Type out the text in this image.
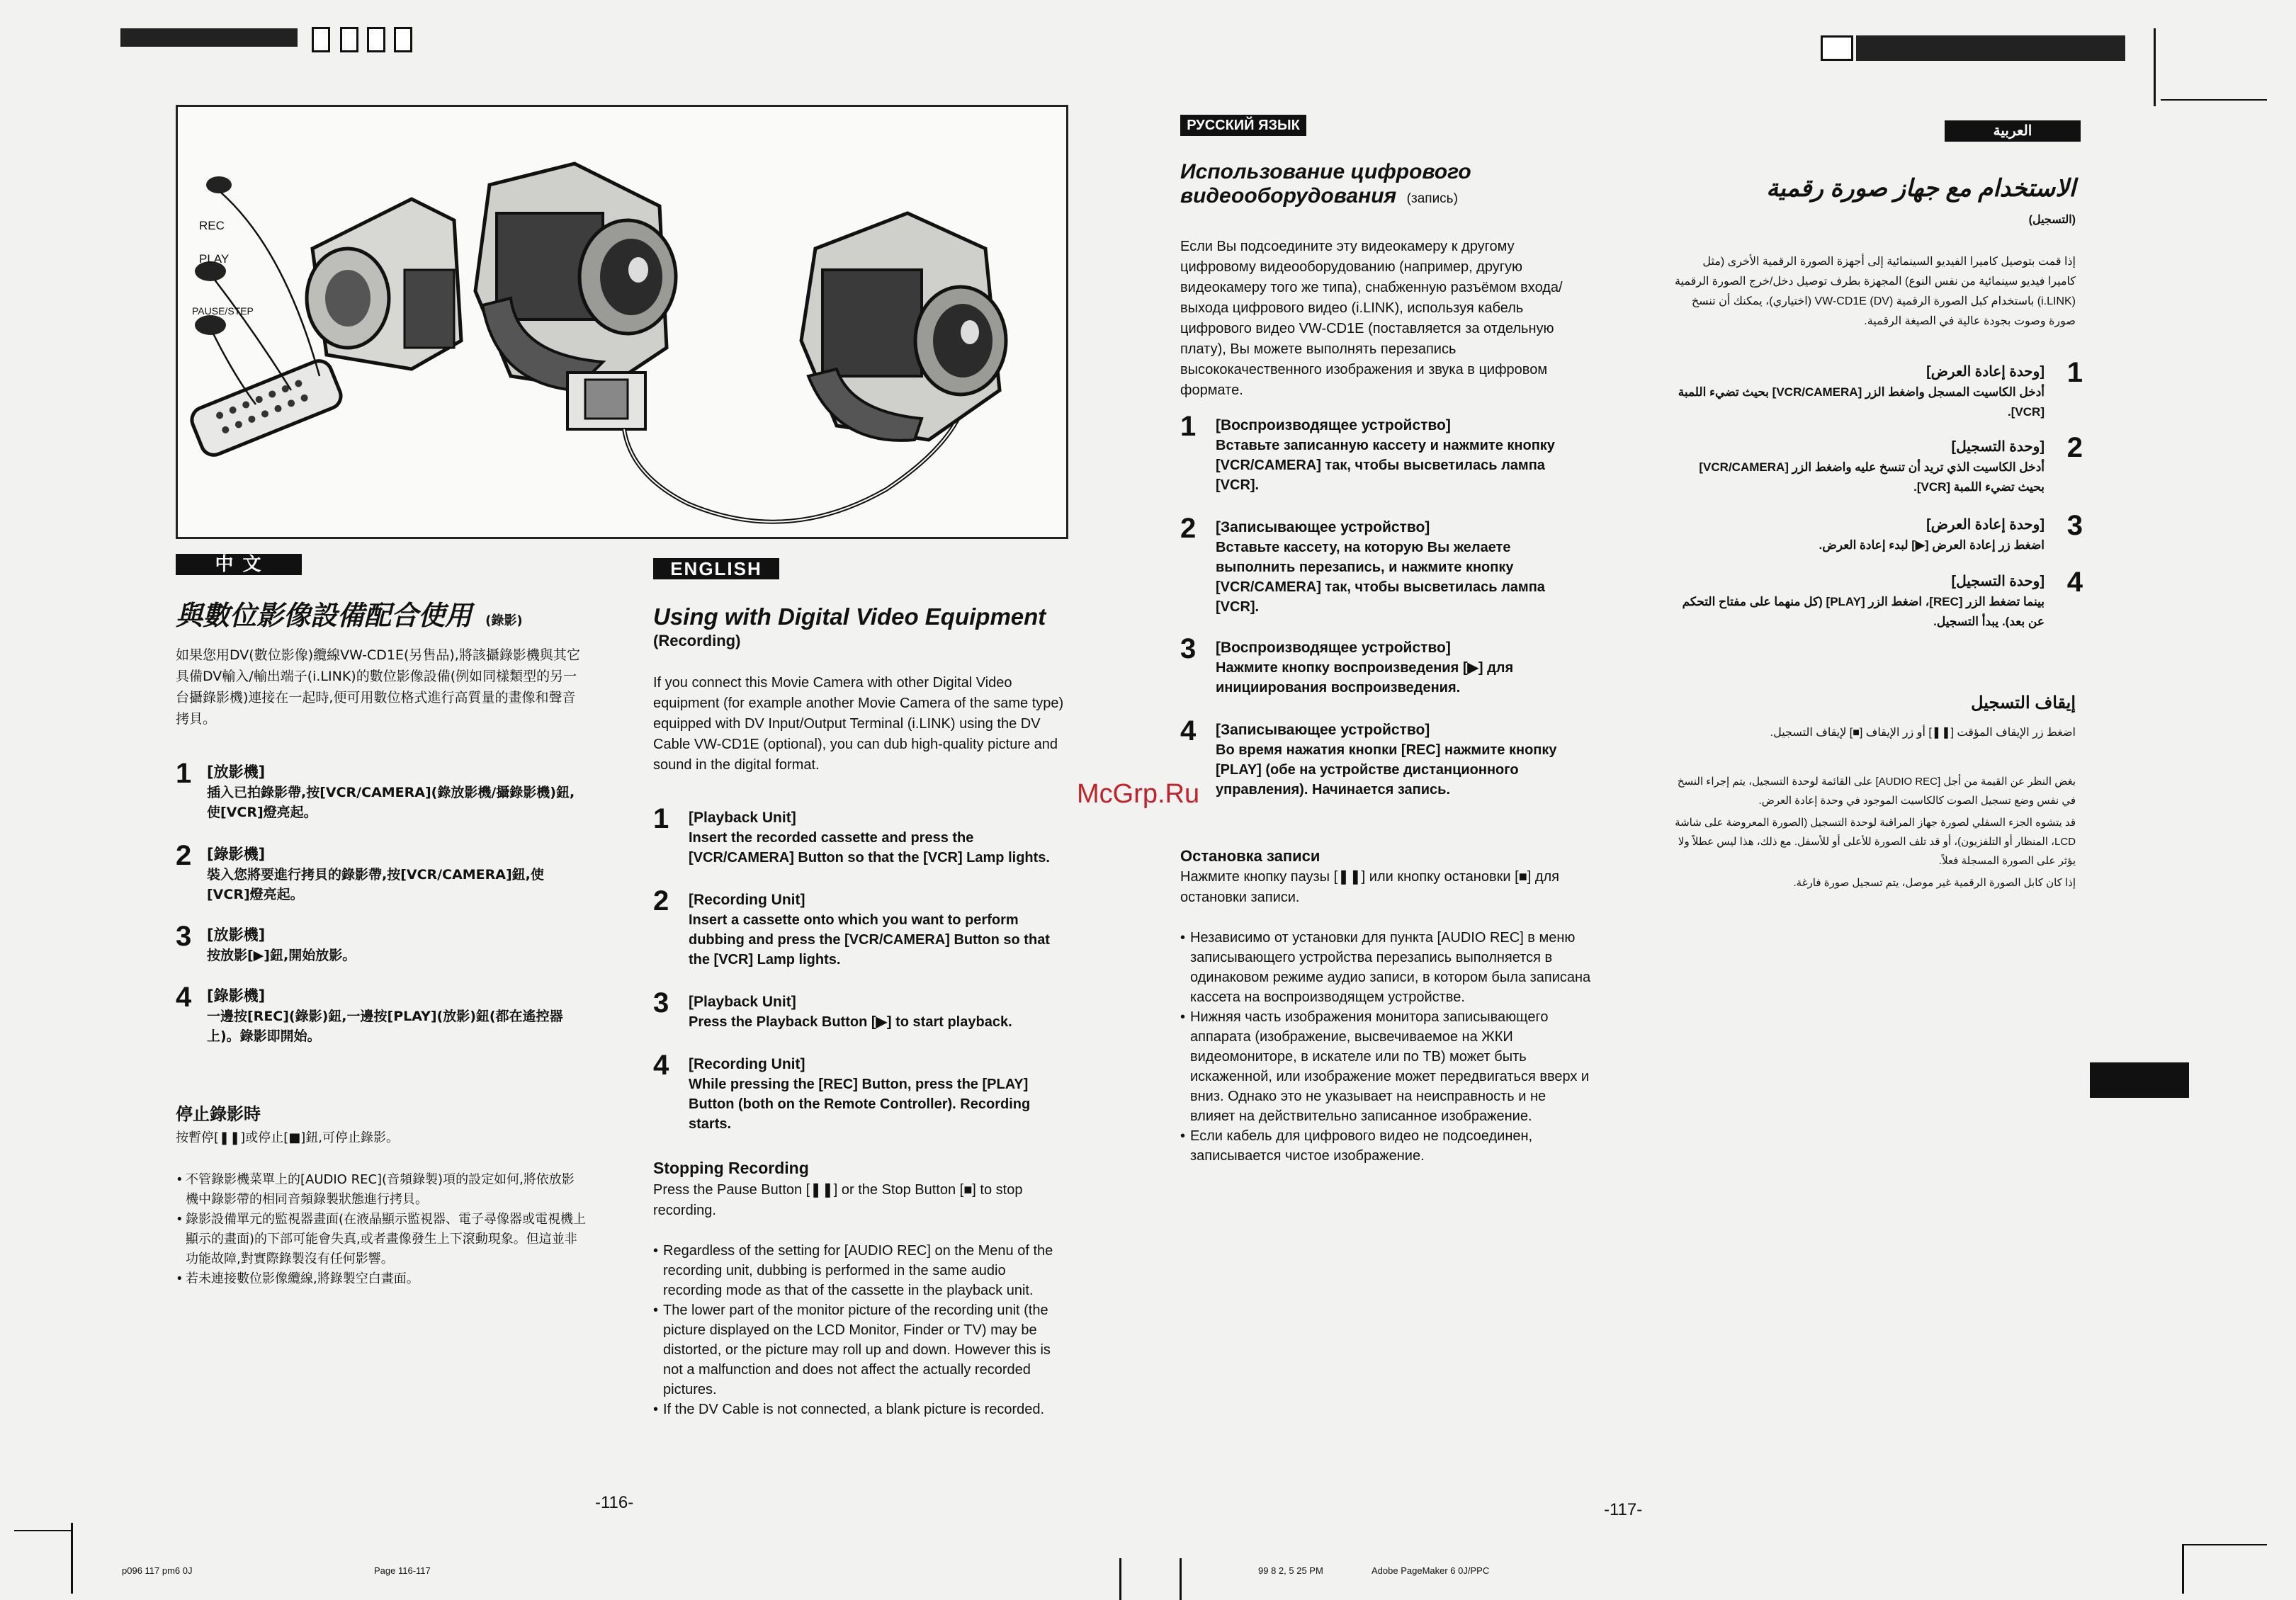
REC
PLAY
PAUSE/STEP
McGrp.Ru
中 文
與數位影像設備配合使用 (錄影)
如果您用DV(數位影像)纜線VW-CD1E(另售品),將該攝錄影機與其它具備DV輸入/輸出端子(i.LINK)的數位影像設備(例如同樣類型的另一台攝錄影機)連接在一起時,便可用數位格式進行高質量的畫像和聲音拷貝。
1 [放影機]
插入已拍錄影帶,按[VCR/CAMERA](錄放影機/攝錄影機)鈕,使[VCR]燈亮起。
2 [錄影機]
裝入您將要進行拷貝的錄影帶,按[VCR/CAMERA]鈕,使[VCR]燈亮起。
3 [放影機]
按放影[▶]鈕,開始放影。
4 [錄影機]
一邊按[REC](錄影)鈕,一邊按[PLAY](放影)鈕(都在遙控器上)。錄影即開始。
停止錄影時
按暫停[❚❚]或停止[■]鈕,可停止錄影。
• 不管錄影機菜單上的[AUDIO REC](音頻錄製)項的設定如何,將依放影機中錄影帶的相同音頻錄製狀態進行拷貝。
• 錄影設備單元的監視器畫面(在液晶顯示監視器、電子尋像器或電視機上顯示的畫面)的下部可能會失真,或者畫像發生上下滾動現象。但這並非功能故障,對實際錄製沒有任何影響。
• 若未連接數位影像纜線,將錄製空白畫面。
ENGLISH
Using with Digital Video Equipment
(Recording)
If you connect this Movie Camera with other Digital Video equipment (for example another Movie Camera of the same type) equipped with DV Input/Output Terminal (i.LINK) using the DV Cable VW-CD1E (optional), you can dub high-quality picture and sound in the digital format.
1 [Playback Unit]
Insert the recorded cassette and press the [VCR/CAMERA] Button so that the [VCR] Lamp lights.
2 [Recording Unit]
Insert a cassette onto which you want to perform dubbing and press the [VCR/CAMERA] Button so that the [VCR] Lamp lights.
3 [Playback Unit]
Press the Playback Button [▶] to start playback.
4 [Recording Unit]
While pressing the [REC] Button, press the [PLAY] Button (both on the Remote Controller). Recording starts.
Stopping Recording
Press the Pause Button [❚❚] or the Stop Button [■] to stop recording.
• Regardless of the setting for [AUDIO REC] on the Menu of the recording unit, dubbing is performed in the same audio recording mode as that of the cassette in the playback unit.
• The lower part of the monitor picture of the recording unit (the picture displayed on the LCD Monitor, Finder or TV) may be distorted, or the picture may roll up and down. However this is not a malfunction and does not affect the actually recorded pictures.
• If the DV Cable is not connected, a blank picture is recorded.
-116-
РУССКИЙ ЯЗЫК
Использование цифрового
видеооборудования (запись)
Если Вы подсоедините эту видеокамеру к другому цифровому видеооборудованию (например, другую видеокамеру того же типа), снабженную разъёмом входа/выхода цифрового видео (i.LINK), используя кабель цифрового видео VW-CD1E (поставляется за отдельную плату), Вы можете выполнять перезапись высококачественного изображения и звука в цифровом формате.
1 [Воспроизводящее устройство]
Вставьте записанную кассету и нажмите кнопку [VCR/CAMERA] так, чтобы высветилась лампа [VCR].
2 [Записывающее устройство]
Вставьте кассету, на которую Вы желаете выполнить перезапись, и нажмите кнопку [VCR/CAMERA] так, чтобы высветилась лампа [VCR].
3 [Воспроизводящее устройство]
Нажмите кнопку воспроизведения [▶] для инициирования воспроизведения.
4 [Записывающее устройство]
Во время нажатия кнопки [REC] нажмите кнопку [PLAY] (обе на устройстве дистанционного управления). Начинается запись.
Остановка записи
Нажмите кнопку паузы [❚❚] или кнопку остановки [■] для остановки записи.
• Независимо от установки для пункта [AUDIO REC] в меню записывающего устройства перезапись выполняется в одинаковом режиме аудио записи, в котором была записана кассета на воспроизводящем устройстве.
• Нижняя часть изображения монитора записывающего аппарата (изображение, высвечиваемое на ЖКИ видеомониторе, в искателе или по ТВ) может быть искаженной, или изображение может передвигаться вверх и вниз. Однако это не указывает на неисправность и не влияет на действительно записанное изображение.
• Если кабель для цифрового видео не подсоединен, записывается чистое изображение.
-117-
العربية
الاستخدام مع جهاز صورة رقمية
(التسجيل)
إذا قمت بتوصيل كاميرا الفيديو السينمائية إلى أجهزة الصورة الرقمية الأخرى (مثل كاميرا فيديو سينمائية من نفس النوع) المجهزة بطرف توصيل دخل/خرج الصورة الرقمية (i.LINK) باستخدام كبل الصورة الرقمية VW-CD1E (DV) (اختياري)، يمكنك أن تنسخ صورة وصوت بجودة عالية في الصيغة الرقمية.
1
[وحدة إعادة العرض]
أدخل الكاسيت المسجل واضغط الزر [VCR/CAMERA] بحيث تضيء اللمبة [VCR].
2
[وحدة التسجيل]
أدخل الكاسيت الذي تريد أن تنسخ عليه واضغط الزر [VCR/CAMERA] بحيث تضيء اللمبة [VCR].
3
[وحدة إعادة العرض]
اضغط زر إعادة العرض [▶] لبدء إعادة العرض.
4
[وحدة التسجيل]
بينما تضغط الزر [REC]، اضغط الزر [PLAY] (كل منهما على مفتاح التحكم عن بعد). يبدأ التسجيل.
إيقاف التسجيل
اضغط زر الإيقاف المؤقت [❚❚] أو زر الإيقاف [■] لإيقاف التسجيل.
بغض النظر عن القيمة من أجل [AUDIO REC] على القائمة لوحدة التسجيل، يتم إجراء النسخ في نفس وضع تسجيل الصوت كالكاسيت الموجود في وحدة إعادة العرض.
قد يتشوه الجزء السفلي لصورة جهاز المراقبة لوحدة التسجيل (الصورة المعروضة على شاشة LCD، المنظار أو التلفزيون)، أو قد تلف الصورة للأعلى أو للأسفل. مع ذلك، هذا ليس عطلاً ولا يؤثر على الصورة المسجلة فعلاً.
إذا كان كابل الصورة الرقمية غير موصل، يتم تسجيل صورة فارغة.
p096 117 pm6 0J	Page 116-117	99 8 2, 5 25 PM	Adobe PageMaker 6 0J/PPC
